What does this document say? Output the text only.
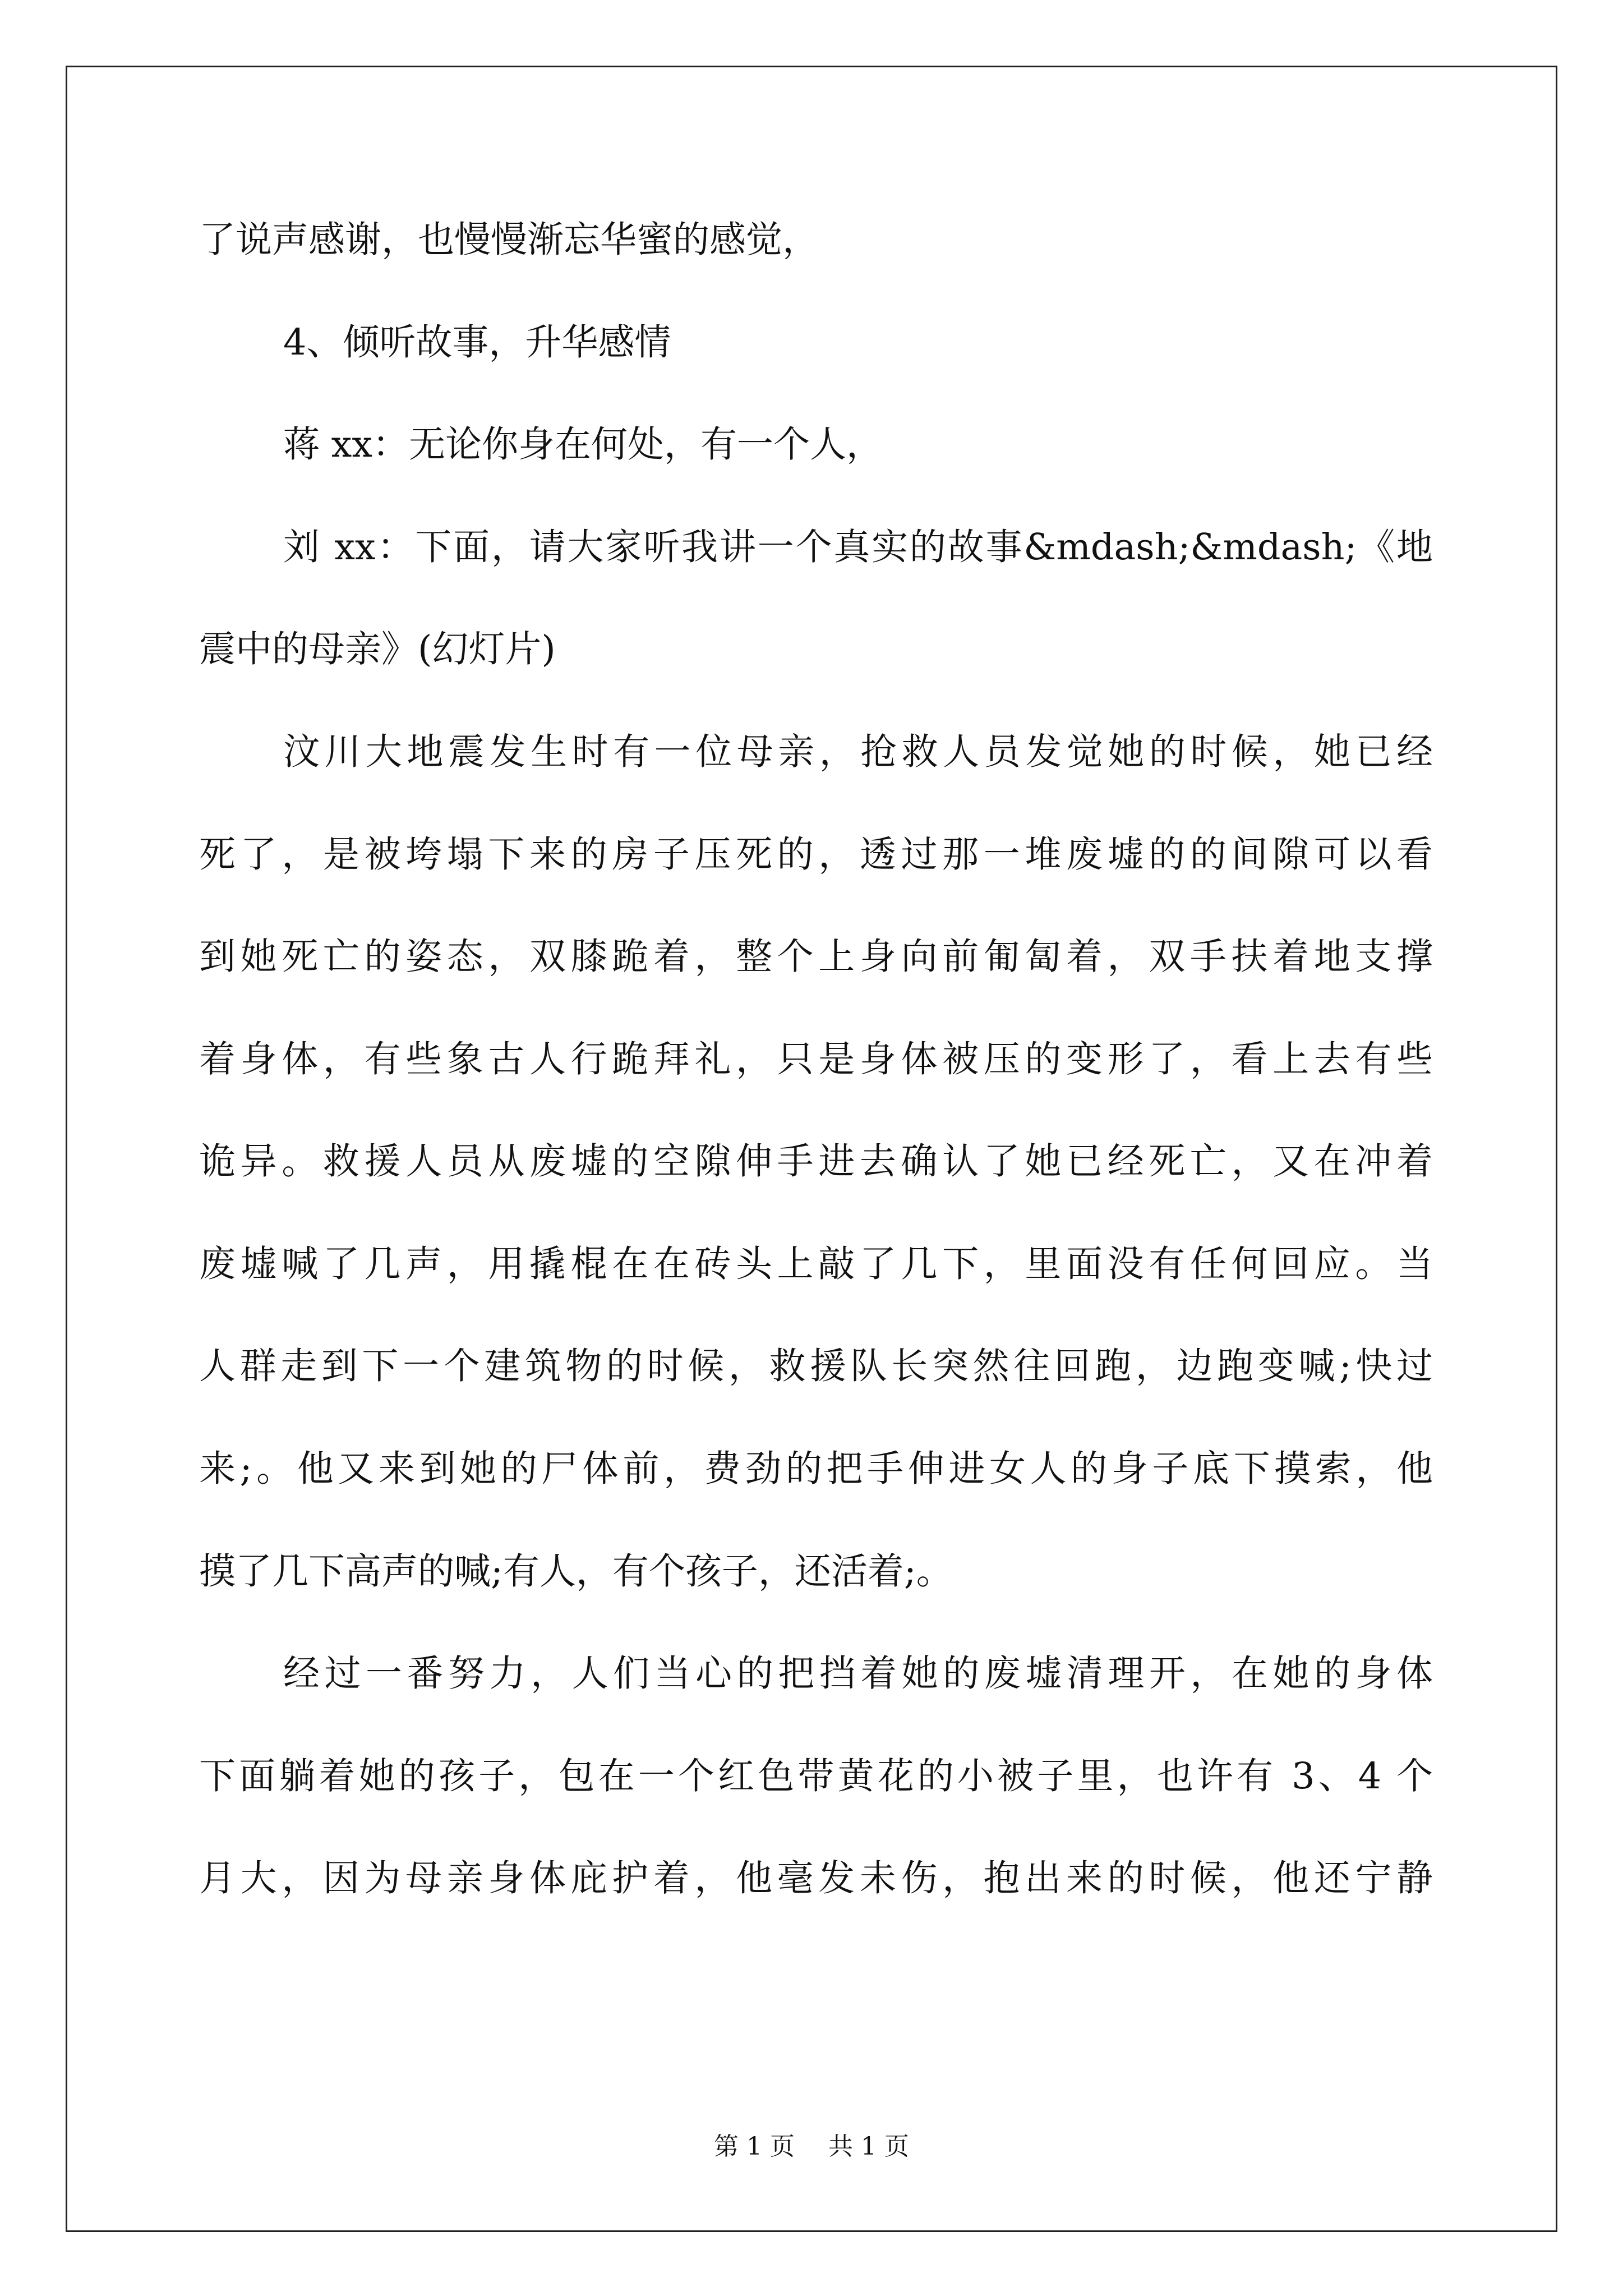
了说声感谢，也慢慢渐忘华蜜的感觉，
4、倾听故事，升华感情
蒋 xx：无论你身在何处，有一个人，
刘 xx：下面，请大家听我讲一个真实的故事&mdash;&mdash;《地
震中的母亲》(幻灯片)
汶川大地震发生时有一位母亲，抢救人员发觉她的时候，她已经
死了，是被垮塌下来的房子压死的，透过那一堆废墟的的间隙可以看
到她死亡的姿态，双膝跪着，整个上身向前匍匐着，双手扶着地支撑
着身体，有些象古人行跪拜礼，只是身体被压的变形了，看上去有些
诡异。救援人员从废墟的空隙伸手进去确认了她已经死亡，又在冲着
废墟喊了几声，用撬棍在在砖头上敲了几下，里面没有任何回应。当
人群走到下一个建筑物的时候，救援队长突然往回跑，边跑变喊;快过
来;。他又来到她的尸体前，费劲的把手伸进女人的身子底下摸索，他
摸了几下高声的喊;有人，有个孩子，还活着;。
经过一番努力，人们当心的把挡着她的废墟清理开，在她的身体
下面躺着她的孩子，包在一个红色带黄花的小被子里，也许有 3、4 个
月大，因为母亲身体庇护着，他毫发未伤，抱出来的时候，他还宁静
第 1 页 共 1 页
